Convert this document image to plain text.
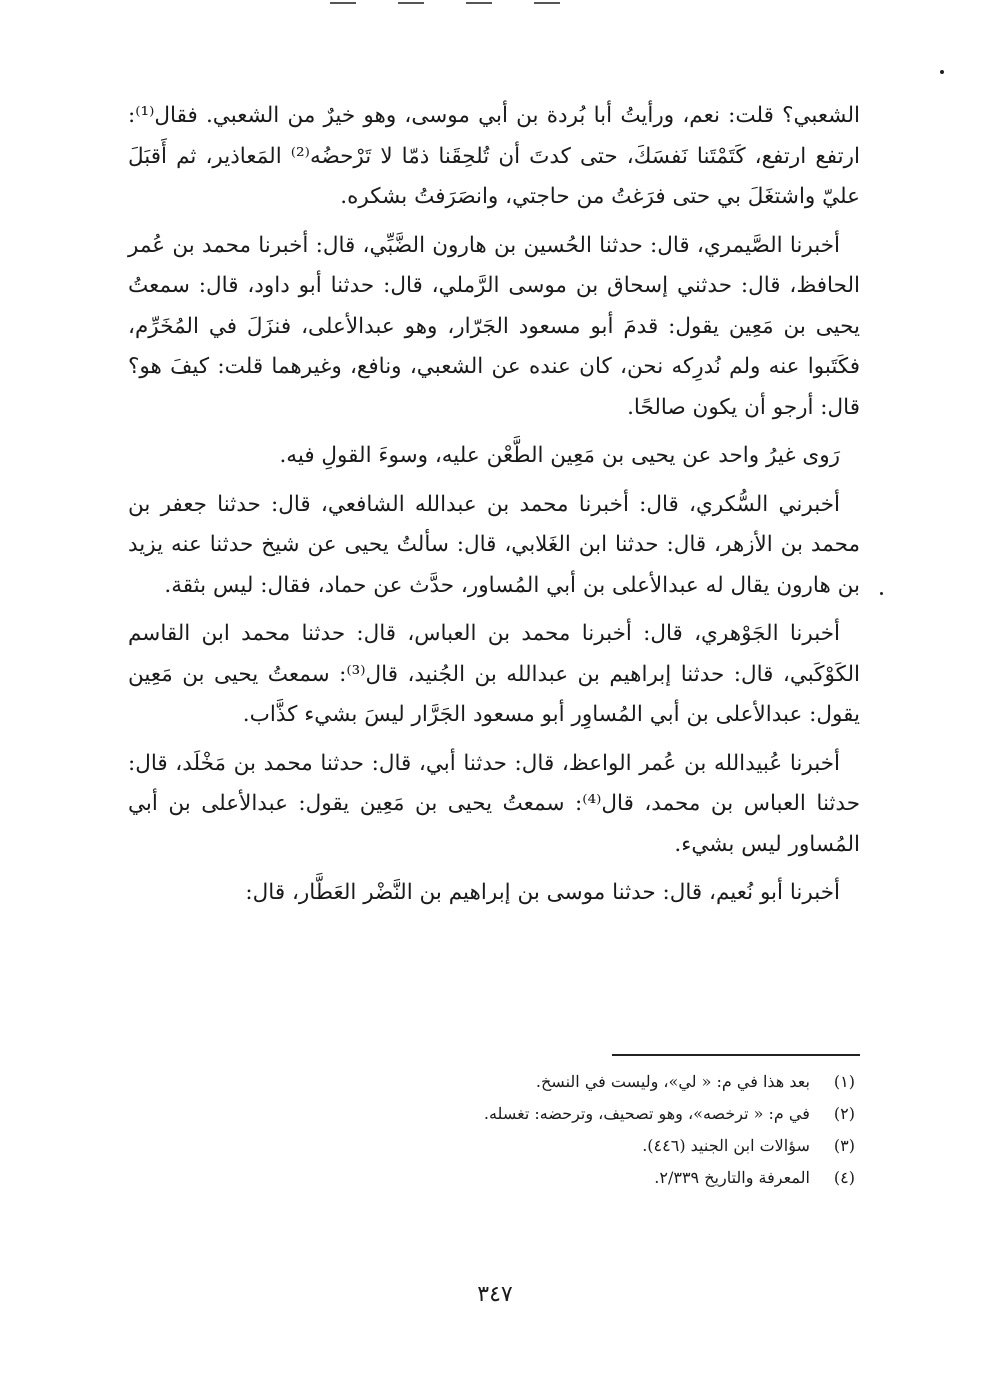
الشعبي؟ قلت: نعم، ورأيتُ أبا بُردة بن أبي موسى، وهو خيرٌ من الشعبي. فقال⁽¹⁾: ارتفع ارتفع، كَتَمْتَنا نَفسَكَ، حتى كدتَ أن تُلحِقَنا ذمّا لا تَرْحضُه⁽²⁾ المَعاذير، ثم أَقبَلَ عليّ واشتغَلَ بي حتى فرَغتُ من حاجتي، وانصَرَفتُ بشكره.

أخبرنا الصَّيمري، قال: حدثنا الحُسين بن هارون الضَّبِّي، قال: أخبرنا محمد بن عُمر الحافظ، قال: حدثني إسحاق بن موسى الرَّملي، قال: حدثنا أبو داود، قال: سمعتُ يحيى بن مَعِين يقول: قدمَ أبو مسعود الجَرّار، وهو عبدالأعلى، فنزَلَ في المُخَرِّم، فكَتَبوا عنه ولم نُدرِكه نحن، كان عنده عن الشعبي، ونافع، وغيرهما قلت: كيفَ هو؟ قال: أرجو أن يكون صالحًا.

رَوى غيرُ واحد عن يحيى بن مَعِين الطَّعْن عليه، وسوءَ القولِ فيه.

أخبرني السُّكري، قال: أخبرنا محمد بن عبدالله الشافعي، قال: حدثنا جعفر بن محمد بن الأزهر، قال: حدثنا ابن الغَلابي، قال: سألتُ يحيى عن شيخ حدثنا عنه يزيد بن هارون يقال له عبدالأعلى بن أبي المُساور، حدَّث عن حماد، فقال: ليس بثقة.

أخبرنا الجَوْهري، قال: أخبرنا محمد بن العباس، قال: حدثنا محمد ابن القاسم الكَوْكَبي، قال: حدثنا إبراهيم بن عبدالله بن الجُنيد، قال⁽³⁾: سمعتُ يحيى بن مَعِين يقول: عبدالأعلى بن أبي المُساوِر أبو مسعود الجَرَّار ليسَ بشيء كذَّاب.

أخبرنا عُبيدالله بن عُمر الواعظ، قال: حدثنا أبي، قال: حدثنا محمد بن مَخْلَد، قال: حدثنا العباس بن محمد، قال⁽⁴⁾: سمعتُ يحيى بن مَعِين يقول: عبدالأعلى بن أبي المُساور ليس بشيء.

أخبرنا أبو نُعيم، قال: حدثنا موسى بن إبراهيم بن النَّضْر العَطَّار، قال:

(١) بعد هذا في م: « لي»، وليست في النسخ.
(٢) في م: « ترخصه»، وهو تصحيف، وترحضه: تغسله.
(٣) سؤالات ابن الجنيد (٤٤٦).
(٤) المعرفة والتاريخ ٢/٣٣٩.
٣٤٧
